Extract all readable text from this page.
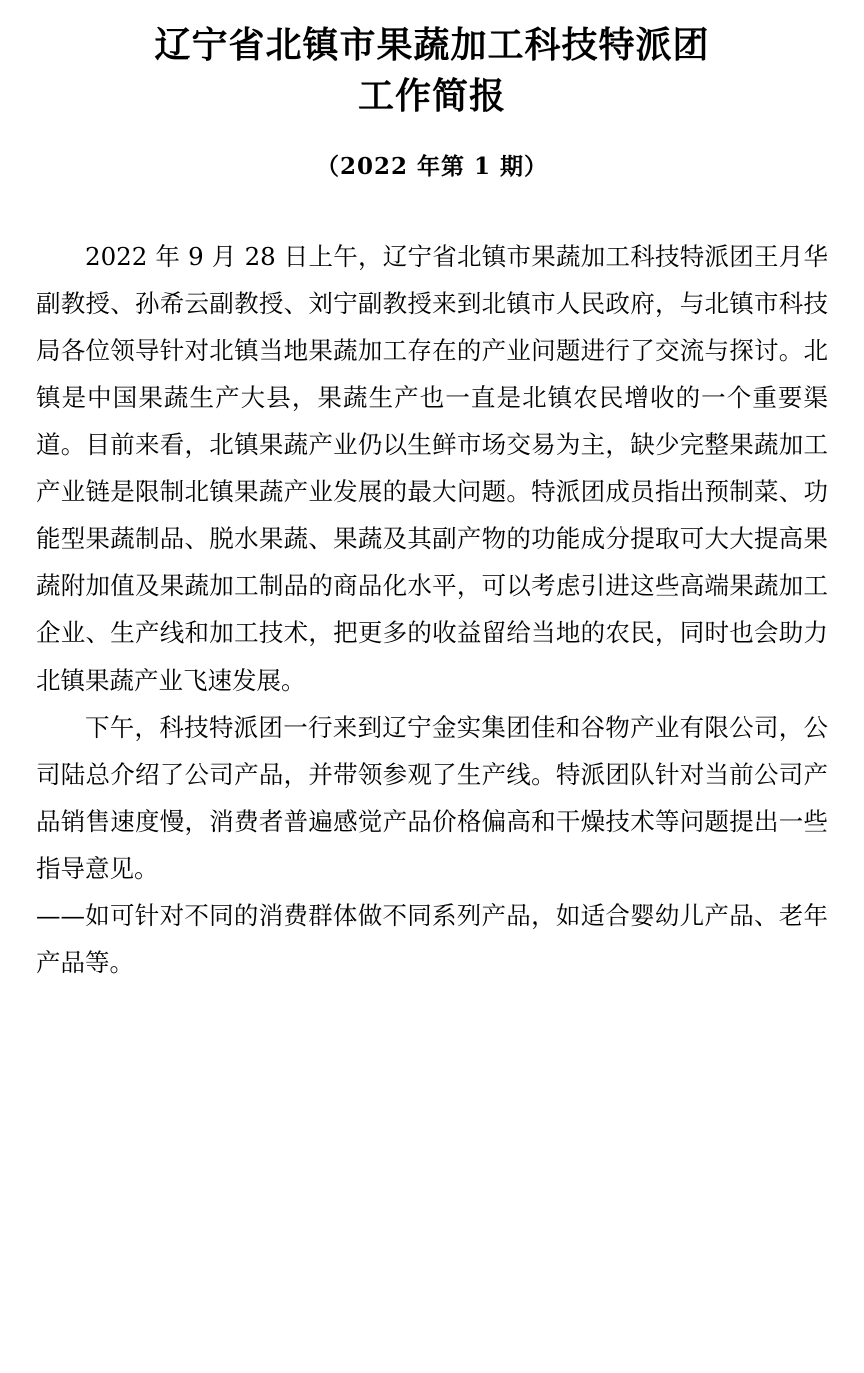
辽宁省北镇市果蔬加工科技特派团
工作简报
（2022 年第 1 期）

2022 年 9 月 28 日上午，辽宁省北镇市果蔬加工科技特派团王月华副教授、孙希云副教授、刘宁副教授来到北镇市人民政府，与北镇市科技局各位领导针对北镇当地果蔬加工存在的产业问题进行了交流与探讨。北镇是中国果蔬生产大县，果蔬生产也一直是北镇农民增收的一个重要渠道。目前来看，北镇果蔬产业仍以生鲜市场交易为主，缺少完整果蔬加工产业链是限制北镇果蔬产业发展的最大问题。特派团成员指出预制菜、功能型果蔬制品、脱水果蔬、果蔬及其副产物的功能成分提取可大大提高果蔬附加值及果蔬加工制品的商品化水平，可以考虑引进这些高端果蔬加工企业、生产线和加工技术，把更多的收益留给当地的农民，同时也会助力北镇果蔬产业飞速发展。

下午，科技特派团一行来到辽宁金实集团佳和谷物产业有限公司，公司陆总介绍了公司产品，并带领参观了生产线。特派团队针对当前公司产品销售速度慢，消费者普遍感觉产品价格偏高和干燥技术等问题提出一些指导意见。

——如可针对不同的消费群体做不同系列产品，如适合婴幼儿产品、老年产品等。
